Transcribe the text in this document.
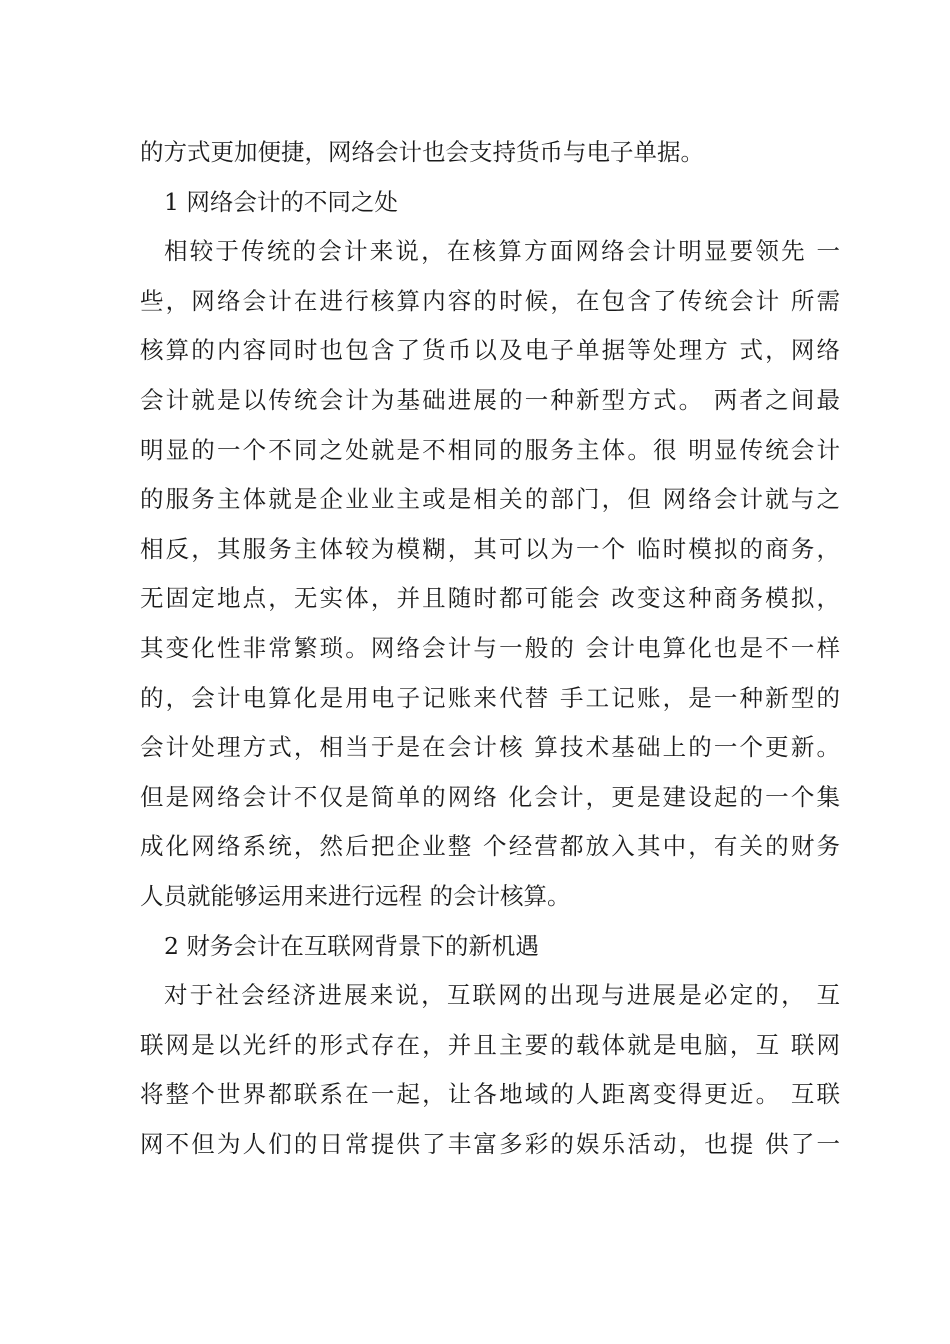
的方式更加便捷，网络会计也会支持货币与电子单据。
1 网络会计的不同之处
相较于传统的会计来说，在核算方面网络会计明显要领先 一
些，网络会计在进行核算内容的时候，在包含了传统会计 所需
核算的内容同时也包含了货币以及电子单据等处理方 式，网络
会计就是以传统会计为基础进展的一种新型方式。 两者之间最
明显的一个不同之处就是不相同的服务主体。很 明显传统会计
的服务主体就是企业业主或是相关的部门，但 网络会计就与之
相反，其服务主体较为模糊，其可以为一个 临时模拟的商务，
无固定地点，无实体，并且随时都可能会 改变这种商务模拟，
其变化性非常繁琐。网络会计与一般的 会计电算化也是不一样
的，会计电算化是用电子记账来代替 手工记账，是一种新型的
会计处理方式，相当于是在会计核 算技术基础上的一个更新。
但是网络会计不仅是简单的网络 化会计，更是建设起的一个集
成化网络系统，然后把企业整 个经营都放入其中，有关的财务
人员就能够运用来进行远程 的会计核算。
2 财务会计在互联网背景下的新机遇
对于社会经济进展来说，互联网的出现与进展是必定的， 互
联网是以光纤的形式存在，并且主要的载体就是电脑，互 联网
将整个世界都联系在一起，让各地域的人距离变得更近。 互联
网不但为人们的日常提供了丰富多彩的娱乐活动，也提 供了一
